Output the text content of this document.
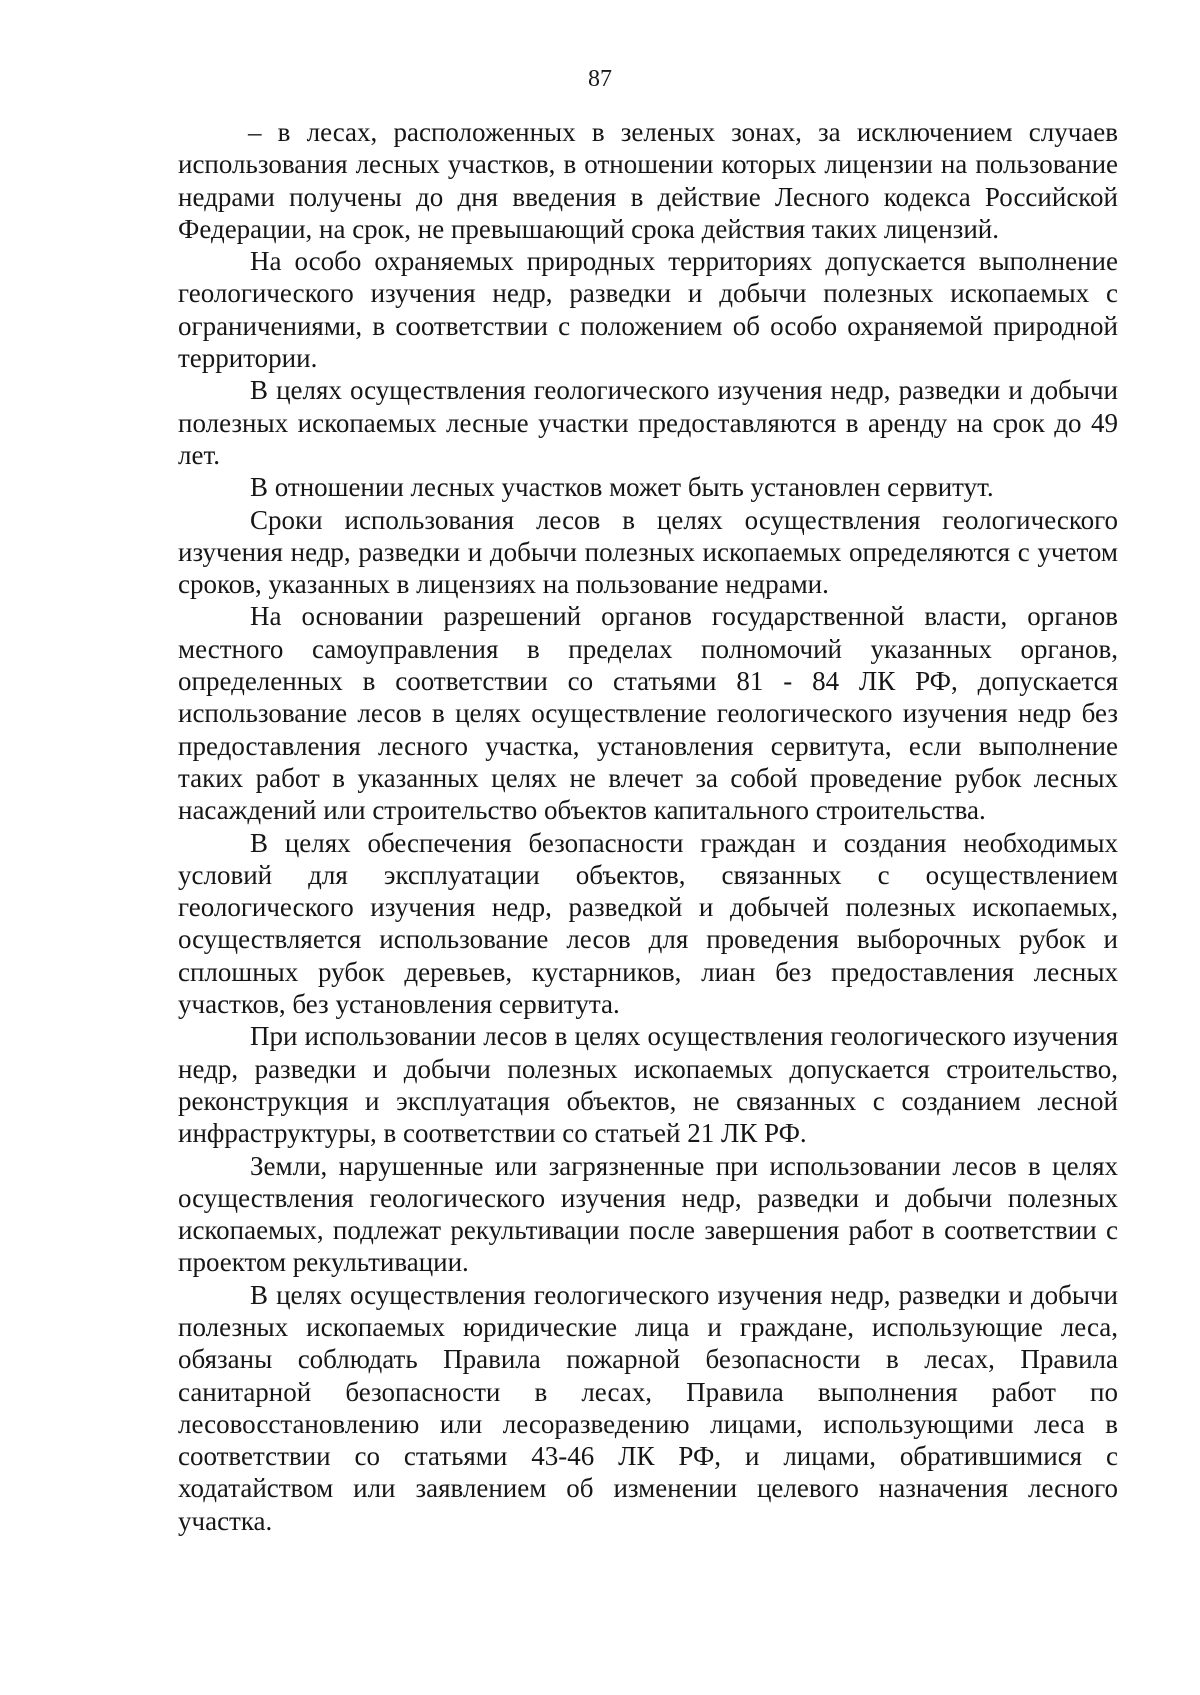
87

– в лесах, расположенных в зеленых зонах, за исключением случаев использования лесных участков, в отношении которых лицензии на пользование недрами получены до дня введения в действие Лесного кодекса Российской Федерации, на срок, не превышающий срока действия таких лицензий.

На особо охраняемых природных территориях допускается выполнение геологического изучения недр, разведки и добычи полезных ископаемых с ограничениями, в соответствии с положением об особо охраняемой природной территории.

В целях осуществления геологического изучения недр, разведки и добычи полезных ископаемых лесные участки предоставляются в аренду на срок до 49 лет.

В отношении лесных участков может быть установлен сервитут.

Сроки использования лесов в целях осуществления геологического изучения недр, разведки и добычи полезных ископаемых определяются с учетом сроков, указанных в лицензиях на пользование недрами.

На основании разрешений органов государственной власти, органов местного самоуправления в пределах полномочий указанных органов, определенных в соответствии со статьями 81 - 84 ЛК РФ, допускается использование лесов в целях осуществление геологического изучения недр без предоставления лесного участка, установления сервитута, если выполнение таких работ в указанных целях не влечет за собой проведение рубок лесных насаждений или строительство объектов капитального строительства.

В целях обеспечения безопасности граждан и создания необходимых условий для эксплуатации объектов, связанных с осуществлением геологического изучения недр, разведкой и добычей полезных ископаемых, осуществляется использование лесов для проведения выборочных рубок и сплошных рубок деревьев, кустарников, лиан без предоставления лесных участков, без установления сервитута.

При использовании лесов в целях осуществления геологического изучения недр, разведки и добычи полезных ископаемых допускается строительство, реконструкция и эксплуатация объектов, не связанных с созданием лесной инфраструктуры, в соответствии со статьей 21 ЛК РФ.

Земли, нарушенные или загрязненные при использовании лесов в целях осуществления геологического изучения недр, разведки и добычи полезных ископаемых, подлежат рекультивации после завершения работ в соответствии с проектом рекультивации.

В целях осуществления геологического изучения недр, разведки и добычи полезных ископаемых юридические лица и граждане, использующие леса, обязаны соблюдать Правила пожарной безопасности в лесах, Правила санитарной безопасности в лесах, Правила выполнения работ по лесовосстановлению или лесоразведению лицами, использующими леса в соответствии со статьями 43-46 ЛК РФ, и лицами, обратившимися с ходатайством или заявлением об изменении целевого назначения лесного участка.
